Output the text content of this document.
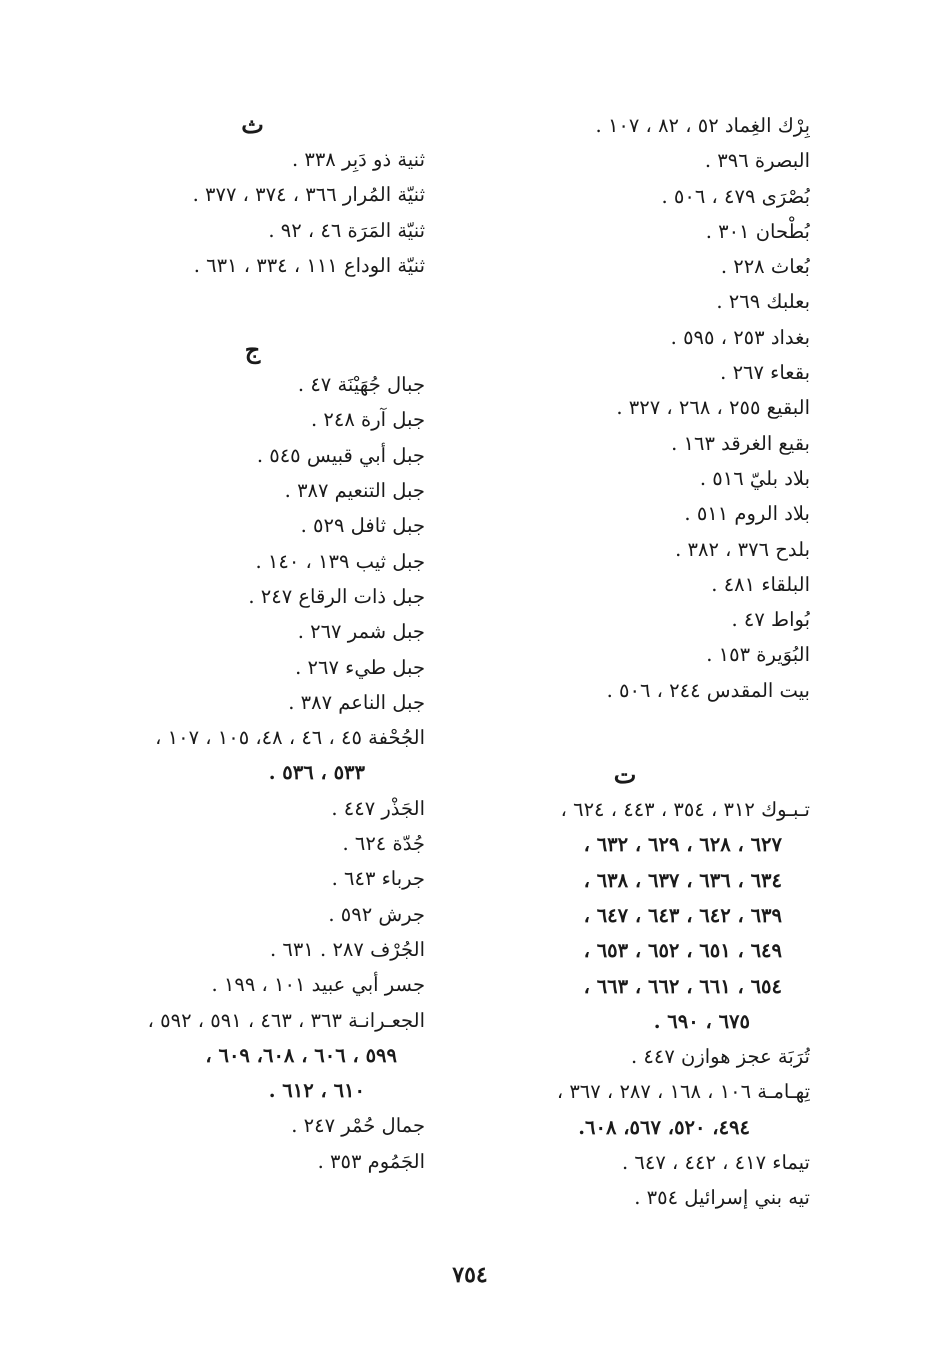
بِرْك الغِماد ٥٢ ، ٨٢ ، ١٠٧ .
البصرة ٣٩٦ .
بُصْرَى ٤٧٩ ، ٥٠٦ .
بُطْحان ٣٠١ .
بُعاث ٢٢٨ .
بعلبك ٢٦٩ .
بغداد ٢٥٣ ، ٥٩٥ .
بقعاء ٢٦٧ .
البقيع ٢٥٥ ، ٢٦٨ ، ٣٢٧ .
بقيع الغرقد ١٦٣ .
بلاد بليّ ٥١٦ .
بلاد الروم ٥١١ .
بلدح ٣٧٦ ، ٣٨٢ .
البلقاء ٤٨١ .
بُواط ٤٧ .
البُوَيرة ١٥٣ .
بيت المقدس ٢٤٤ ، ٥٠٦ .
ت
تـبـوك ٣١٢ ، ٣٥٤ ، ٤٤٣ ، ٦٢٤ ،
٦٢٧ ، ٦٢٨ ، ٦٢٩ ، ٦٣٢ ،
٦٣٤ ، ٦٣٦ ، ٦٣٧ ، ٦٣٨ ،
٦٣٩ ، ٦٤٢ ، ٦٤٣ ، ٦٤٧ ،
٦٤٩ ، ٦٥١ ، ٦٥٢ ، ٦٥٣ ،
٦٥٤ ، ٦٦١ ، ٦٦٢ ، ٦٦٣ ،
٦٧٥ ، ٦٩٠ .
تُرَبَة عجز هوازن ٤٤٧ .
تِهـامـة ١٠٦ ، ١٦٨ ، ٢٨٧ ، ٣٦٧ ،
٤٩٤، ٥٢٠، ٥٦٧، ٦٠٨.
تيماء ٤١٧ ، ٤٤٢ ، ٦٤٧ .
تيه بني إسرائيل ٣٥٤ .
ث
ثنية ذو دَبِر ٣٣٨ .
ثنيّة المُرار ٣٦٦ ، ٣٧٤ ، ٣٧٧ .
ثنيّة المَرَة ٤٦ ، ٩٢ .
ثنيّة الوداع ١١١ ، ٣٣٤ ، ٦٣١ .
ج
جبال جُهَيْنَة ٤٧ .
جبل آرة ٢٤٨ .
جبل أبي قبيس ٥٤٥ .
جبل التنعيم ٣٨٧ .
جبل ثافل ٥٢٩ .
جبل ثيب ١٣٩ ، ١٤٠ .
جبل ذات الرقاع ٢٤٧ .
جبل شمر ٢٦٧ .
جبل طيء ٢٦٧ .
جبل الناعم ٣٨٧ .
الجُحْفة ٤٥ ، ٤٦ ، ٤٨، ١٠٥ ، ١٠٧ ،
٥٣٣ ، ٥٣٦ .
الجَذْر ٤٤٧ .
جُدّة ٦٢٤ .
جرباء ٦٤٣ .
جرش ٥٩٢ .
الجُرْف ٢٨٧ . ٦٣١ .
جسر أبي عبيد ١٠١ ، ١٩٩ .
الجعـرانـة ٣٦٣ ، ٤٦٣ ، ٥٩١ ، ٥٩٢ ،
٥٩٩ ، ٦٠٦ ، ٦٠٨، ٦٠٩ ،
٦١٠ ، ٦١٢ .
جمال حُمْر ٢٤٧ .
الجَمُوم ٣٥٣ .
٧٥٤
